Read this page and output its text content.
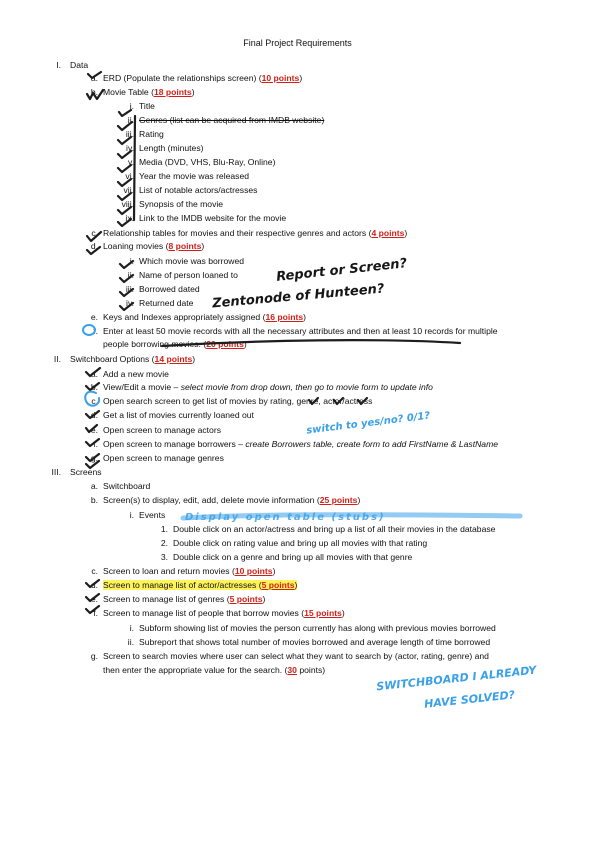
Final Project Requirements
I. Data
a. ERD (Populate the relationships screen) (10 points)
b. Movie Table (18 points)
i. Title
ii. Genres (list can be acquired from IMDB website)
iii. Rating
iv. Length (minutes)
v. Media (DVD, VHS, Blu-Ray, Online)
vi. Year the movie was released
vii. List of notable actors/actresses
viii. Synopsis of the movie
ix. Link to the IMDB website for the movie
c. Relationship tables for movies and their respective genres and actors (4 points)
d. Loaning movies (8 points)
i. Which movie was borrowed
ii. Name of person loaned to
iii. Borrowed dated
iv. Returned date
e. Keys and Indexes appropriately assigned (16 points)
f. Enter at least 50 movie records with all the necessary attributes and then at least 10 records for multiple
people borrowing movies. (20 points)
II. Switchboard Options (14 points)
a. Add a new movie
b. View/Edit a movie – select movie from drop down, then go to movie form to update info
c. Open search screen to get list of movies by rating, genre, actor/actress
d. Get a list of movies currently loaned out
e. Open screen to manage actors
f. Open screen to manage borrowers – create Borrowers table, create form to add FirstName & LastName
g. Open screen to manage genres
III. Screens
a. Switchboard
b. Screen(s) to display, edit, add, delete movie information (25 points)
i. Events
1. Double click on an actor/actress and bring up a list of all their movies in the database
2. Double click on rating value and bring up all movies with that rating
3. Double click on a genre and bring up all movies with that genre
c. Screen to loan and return movies (10 points)
d. Screen to manage list of actor/actresses (5 points)
e. Screen to manage list of genres (5 points)
f. Screen to manage list of people that borrow movies (15 points)
i. Subform showing list of movies the person currently has along with previous movies borrowed
ii. Subreport that shows total number of movies borrowed and average length of time borrowed
g. Screen to search movies where user can select what they want to search by (actor, rating, genre) and
then enter the appropriate value for the search. (30 points)
Report or Screen?
Zentonode of Hunteen?
switch to yes/no? 0/1?
Display open table (stubs)
SWITCHBOARD I ALREADY
HAVE SOLVED?
